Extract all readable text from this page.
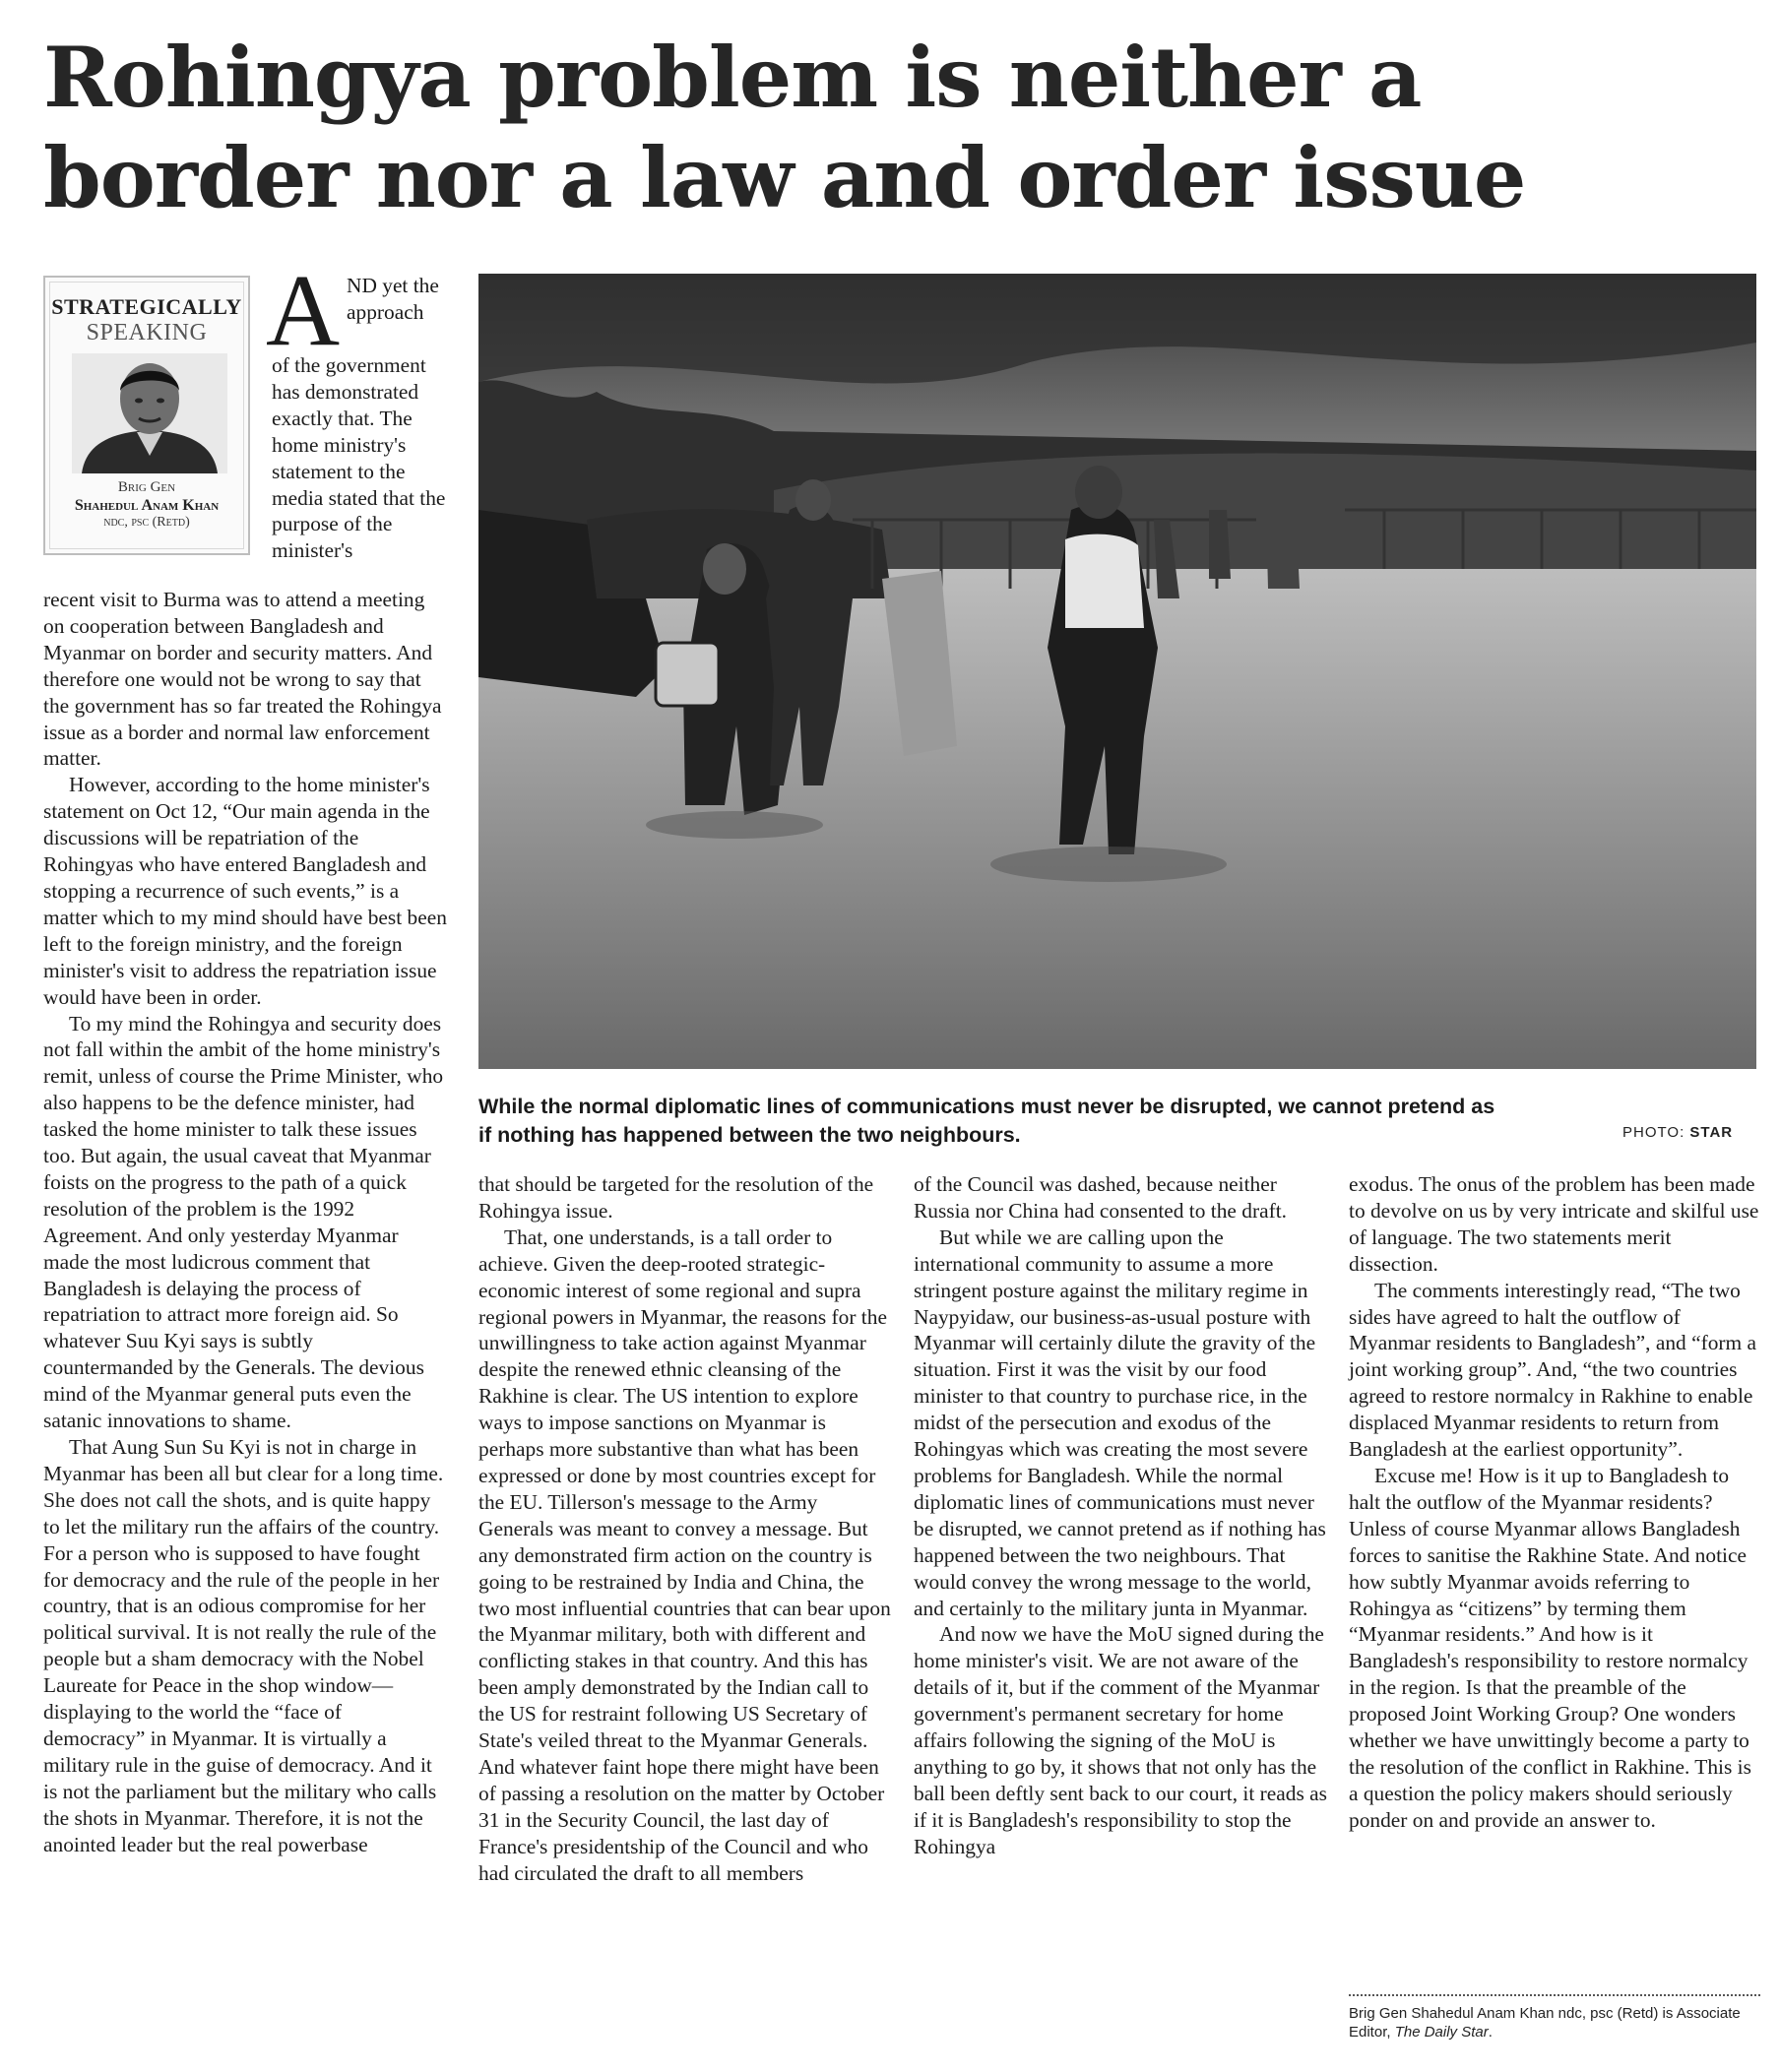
Rohingya problem is neither a
border nor a law and order issue
STRATEGICALLY
SPEAKING
Brig Gen
Shahedul Anam Khan
ndc, psc (Retd)
A ND yet the approach

of the government has demonstrated exactly that. The home ministry's statement to the media stated that the purpose of the minister's

recent visit to Burma was to attend a meeting on cooperation between Bangladesh and Myanmar on border and security matters. And therefore one would not be wrong to say that the government has so far treated the Rohingya issue as a border and normal law enforcement matter.

However, according to the home minister's statement on Oct 12, “Our main agenda in the discussions will be repatriation of the Rohingyas who have entered Bangladesh and stopping a recurrence of such events,” is a matter which to my mind should have best been left to the foreign ministry, and the foreign minister's visit to address the repatriation issue would have been in order.

To my mind the Rohingya and security does not fall within the ambit of the home ministry's remit, unless of course the Prime Minister, who also happens to be the defence minister, had tasked the home minister to talk these issues too. But again, the usual caveat that Myanmar foists on the progress to the path of a quick resolution of the problem is the 1992 Agreement. And only yesterday Myanmar made the most ludicrous comment that Bangladesh is delaying the process of repatriation to attract more foreign aid. So whatever Suu Kyi says is subtly countermanded by the Generals. The devious mind of the Myanmar general puts even the satanic innovations to shame.

That Aung Sun Su Kyi is not in charge in Myanmar has been all but clear for a long time. She does not call the shots, and is quite happy to let the military run the affairs of the country. For a person who is supposed to have fought for democracy and the rule of the people in her country, that is an odious compromise for her political survival. It is not really the rule of the people but a sham democracy with the Nobel Laureate for Peace in the shop window—displaying to the world the “face of democracy” in Myanmar. It is virtually a military rule in the guise of democracy. And it is not the parliament but the military who calls the shots in Myanmar. Therefore, it is not the anointed leader but the real powerbase

While the normal diplomatic lines of communications must never be disrupted, we cannot pretend as if nothing has happened between the two neighbours.	PHOTO: STAR

that should be targeted for the resolution of the Rohingya issue.

That, one understands, is a tall order to achieve. Given the deep-rooted strategic-economic interest of some regional and supra regional powers in Myanmar, the reasons for the unwillingness to take action against Myanmar despite the renewed ethnic cleansing of the Rakhine is clear. The US intention to explore ways to impose sanctions on Myanmar is perhaps more substantive than what has been expressed or done by most countries except for the EU. Tillerson's message to the Army Generals was meant to convey a message. But any demonstrated firm action on the country is going to be restrained by India and China, the two most influential countries that can bear upon the Myanmar military, both with different and conflicting stakes in that country. And this has been amply demonstrated by the Indian call to the US for restraint following US Secretary of State's veiled threat to the Myanmar Generals. And whatever faint hope there might have been of passing a resolution on the matter by October 31 in the Security Council, the last day of France's presidentship of the Council and who had circulated the draft to all members

of the Council was dashed, because neither Russia nor China had consented to the draft.

But while we are calling upon the international community to assume a more stringent posture against the military regime in Naypyidaw, our business-as-usual posture with Myanmar will certainly dilute the gravity of the situation. First it was the visit by our food minister to that country to purchase rice, in the midst of the persecution and exodus of the Rohingyas which was creating the most severe problems for Bangladesh. While the normal diplomatic lines of communications must never be disrupted, we cannot pretend as if nothing has happened between the two neighbours. That would convey the wrong message to the world, and certainly to the military junta in Myanmar.

And now we have the MoU signed during the home minister's visit. We are not aware of the details of it, but if the comment of the Myanmar government's permanent secretary for home affairs following the signing of the MoU is anything to go by, it shows that not only has the ball been deftly sent back to our court, it reads as if it is Bangladesh's responsibility to stop the Rohingya

exodus. The onus of the problem has been made to devolve on us by very intricate and skilful use of language. The two statements merit dissection.

The comments interestingly read, “The two sides have agreed to halt the outflow of Myanmar residents to Bangladesh”, and “form a joint working group”. And, “the two countries agreed to restore normalcy in Rakhine to enable displaced Myanmar residents to return from Bangladesh at the earliest opportunity”.

Excuse me! How is it up to Bangladesh to halt the outflow of the Myanmar residents? Unless of course Myanmar allows Bangladesh forces to sanitise the Rakhine State. And notice how subtly Myanmar avoids referring to Rohingya as “citizens” by terming them “Myanmar residents.” And how is it Bangladesh's responsibility to restore normalcy in the region. Is that the preamble of the proposed Joint Working Group? One wonders whether we have unwittingly become a party to the resolution of the conflict in Rakhine. This is a question the policy makers should seriously ponder on and provide an answer to.

Brig Gen Shahedul Anam Khan ndc, psc (Retd) is Associate Editor, The Daily Star.
